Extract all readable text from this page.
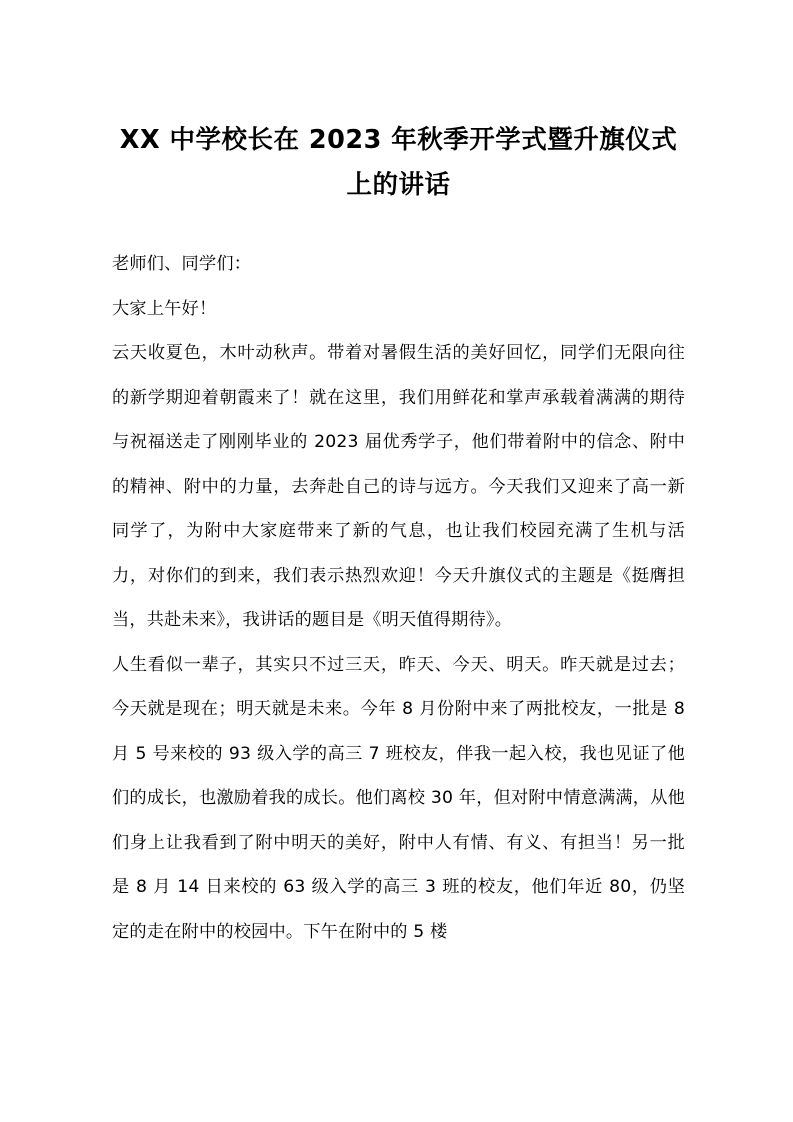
XX 中学校长在 2023 年秋季开学式暨升旗仪式上的讲话

老师们、同学们：

大家上午好！

云天收夏色，木叶动秋声。带着对暑假生活的美好回忆，同学们无限向往的新学期迎着朝霞来了！就在这里，我们用鲜花和掌声承载着满满的期待与祝福送走了刚刚毕业的 2023 届优秀学子，他们带着附中的信念、附中的精神、附中的力量，去奔赴自己的诗与远方。今天我们又迎来了高一新同学了，为附中大家庭带来了新的气息，也让我们校园充满了生机与活力，对你们的到来，我们表示热烈欢迎！今天升旗仪式的主题是《挺膺担当，共赴未来》，我讲话的题目是《明天值得期待》。

人生看似一辈子，其实只不过三天，昨天、今天、明天。昨天就是过去；今天就是现在；明天就是未来。今年 8 月份附中来了两批校友，一批是 8 月 5 号来校的 93 级入学的高三 7 班校友，伴我一起入校，我也见证了他们的成长，也激励着我的成长。他们离校 30 年，但对附中情意满满，从他们身上让我看到了附中明天的美好，附中人有情、有义、有担当！另一批是 8 月 14 日来校的 63 级入学的高三 3 班的校友，他们年近 80，仍坚定的走在附中的校园中。下午在附中的 5 楼
